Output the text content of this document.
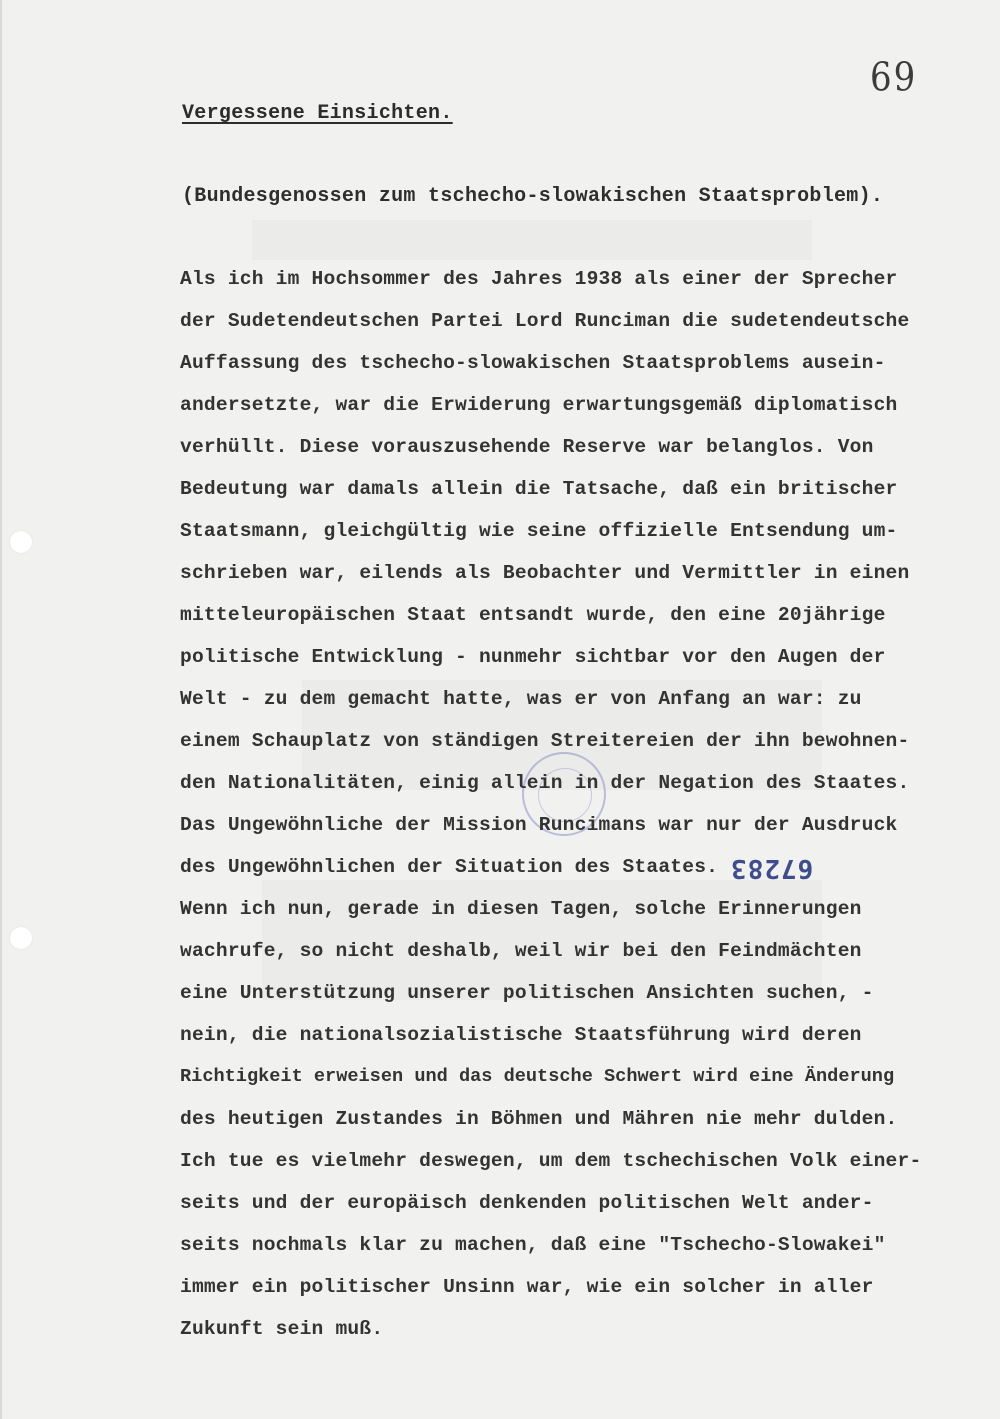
69
Vergessene Einsichten.
(Bundesgenossen zum tschecho-slowakischen Staatsproblem).
Als ich im Hochsommer des Jahres 1938 als einer der Sprecher
der Sudetendeutschen Partei Lord Runciman die sudetendeutsche
Auffassung des tschecho-slowakischen Staatsproblems ausein-
andersetzte, war die Erwiderung erwartungsgemäß diplomatisch
verhüllt. Diese vorauszusehende Reserve war belanglos. Von
Bedeutung war damals allein die Tatsache, daß ein britischer
Staatsmann, gleichgültig wie seine offizielle Entsendung um-
schrieben war, eilends als Beobachter und Vermittler in einen
mitteleuropäischen Staat entsandt wurde, den eine 20jährige
politische Entwicklung - nunmehr sichtbar vor den Augen der
Welt - zu dem gemacht hatte, was er von Anfang an war: zu
einem Schauplatz von ständigen Streitereien der ihn bewohnen-
den Nationalitäten, einig allein in der Negation des Staates.
Das Ungewöhnliche der Mission Runcimans war nur der Ausdruck
des Ungewöhnlichen der Situation des Staates.
Wenn ich nun, gerade in diesen Tagen, solche Erinnerungen
wachrufe, so nicht deshalb, weil wir bei den Feindmächten
eine Unterstützung unserer politischen Ansichten suchen, -
nein, die nationalsozialistische Staatsführung wird deren
Richtigkeit erweisen und das deutsche Schwert wird eine Änderung
des heutigen Zustandes in Böhmen und Mähren nie mehr dulden.
Ich tue es vielmehr deswegen, um dem tschechischen Volk einer-
seits und der europäisch denkenden politischen Welt ander-
seits nochmals klar zu machen, daß eine "Tschecho-Slowakei"
immer ein politischer Unsinn war, wie ein solcher in aller
Zukunft sein muß.
67283
